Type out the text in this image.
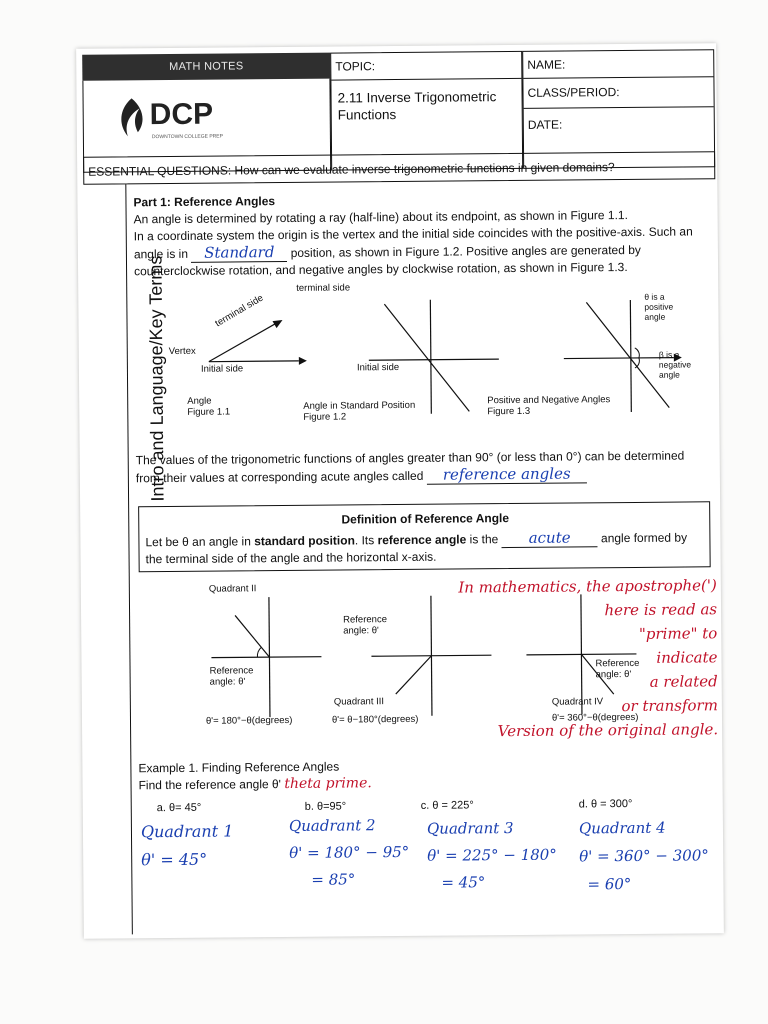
MATH NOTES
DCP
DOWNTOWN COLLEGE PREP
TOPIC:
2.11 Inverse Trigonometric Functions
NAME:
CLASS/PERIOD:
DATE:
ESSENTIAL QUESTIONS: How can we evaluate inverse trigonometric functions in given domains?
Intro and Language/Key Terms
Part 1: Reference Angles
An angle is determined by rotating a ray (half-line) about its endpoint, as shown in Figure 1.1.
In a coordinate system the origin is the vertex and the initial side coincides with the positive-axis. Such an
angle is in Standard position, as shown in Figure 1.2. Positive angles are generated by
counterclockwise rotation, and negative angles by clockwise rotation, as shown in Figure 1.3.
terminal side
terminal side
Vertex
Initial side
Angle
Figure 1.1
Initial side
Angle in Standard Position
Figure 1.2
θ is a
positive
angle
β is a
negative
angle
Positive and Negative Angles
Figure 1.3
The values of the trigonometric functions of angles greater than 90° (or less than 0°) can be determined
from their values at corresponding acute angles called reference angles
Definition of Reference Angle
Let be θ an angle in standard position. Its reference angle is the acute	angle formed by
the terminal side of the angle and the horizontal x-axis.
Quadrant II
Reference
angle: θ'
θ'= 180°−θ(degrees)
Reference
angle: θ'
Quadrant III
θ'= θ−180°(degrees)
Reference
angle: θ'
Quadrant IV
θ'= 360°−θ(degrees)
In mathematics, the apostrophe(')
here is read as
"prime" to
indicate
a related
or transform
Version of the original angle.
Example 1. Finding Reference Angles
Find the reference angle θ' theta prime.
a. θ= 45°	b. θ=95°	c. θ = 225°	d. θ = 300°
Quadrant 1
θ' = 45°
Quadrant 2
θ' = 180° − 95°
= 85°
Quadrant 3
θ' = 225° − 180°
= 45°
Quadrant 4
θ' = 360° − 300°
= 60°
